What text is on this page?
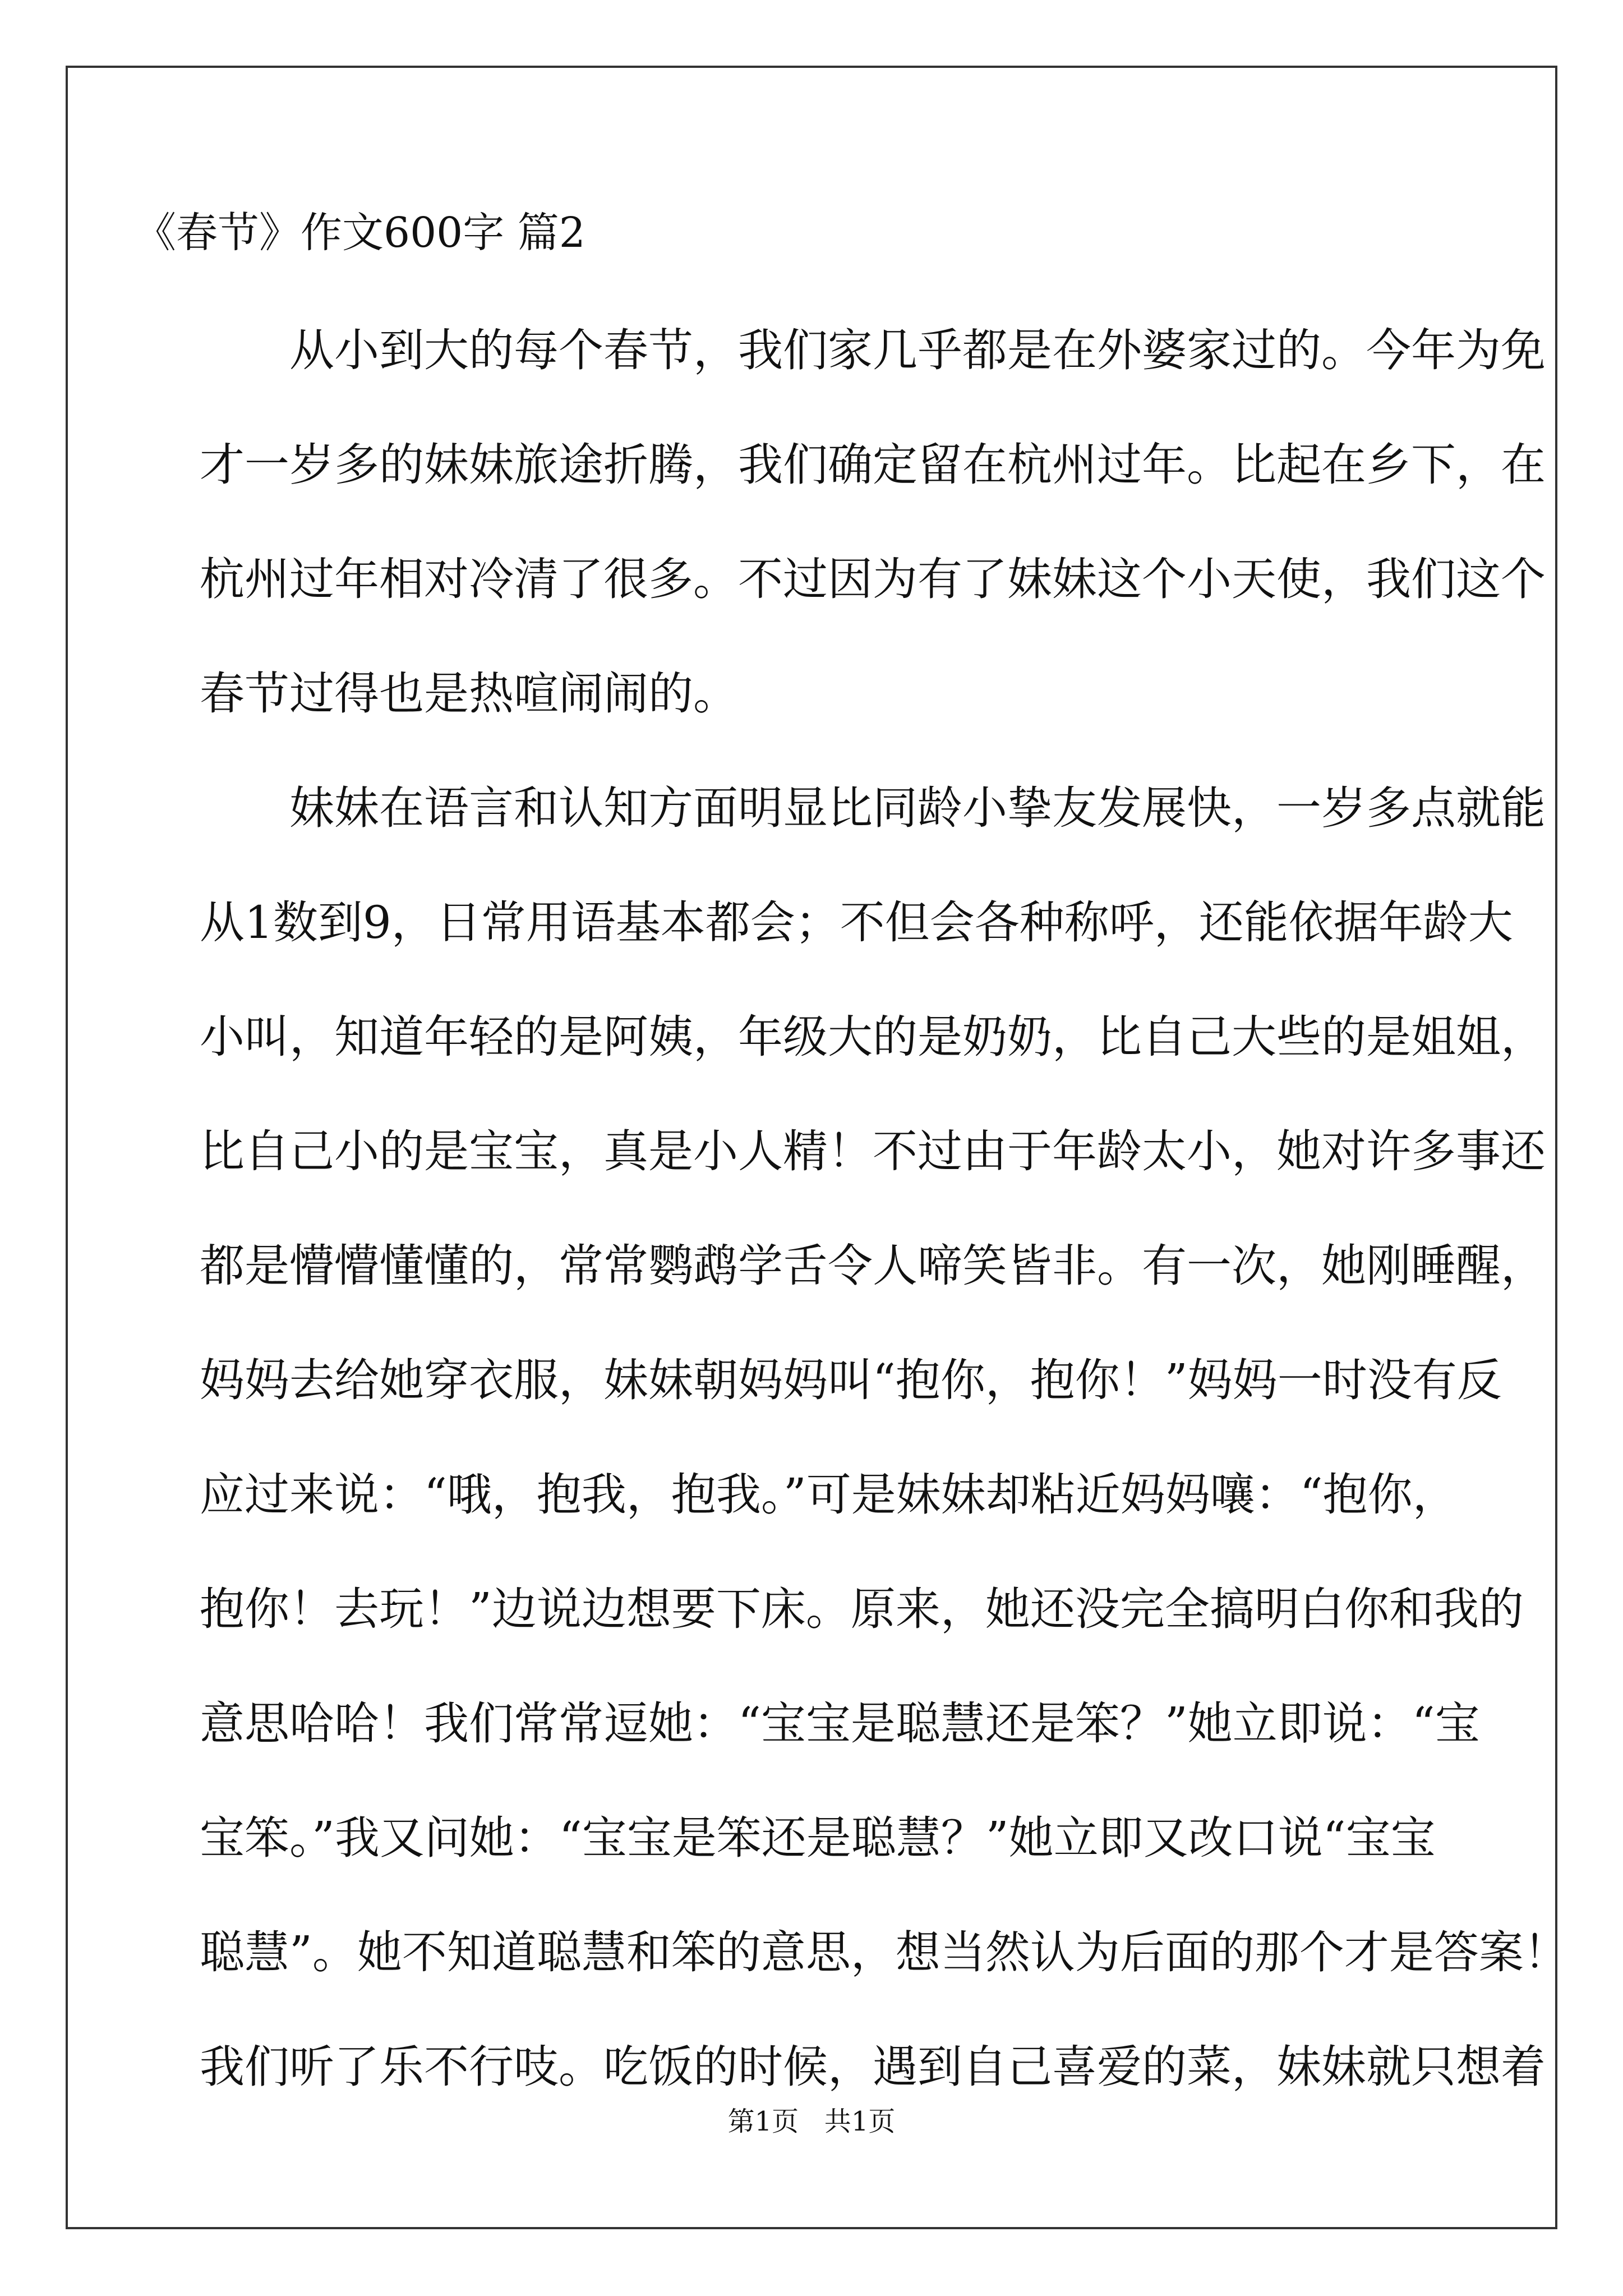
《春节》作文600字 篇2
从小到大的每个春节，我们家几乎都是在外婆家过的。今年为免
才一岁多的妹妹旅途折腾，我们确定留在杭州过年。比起在乡下，在
杭州过年相对冷清了很多。不过因为有了妹妹这个小天使，我们这个
春节过得也是热喧闹闹的。
妹妹在语言和认知方面明显比同龄小挚友发展快，一岁多点就能
从1数到9，日常用语基本都会；不但会各种称呼，还能依据年龄大
小叫，知道年轻的是阿姨，年级大的是奶奶，比自己大些的是姐姐，
比自己小的是宝宝，真是小人精！不过由于年龄太小，她对许多事还
都是懵懵懂懂的，常常鹦鹉学舌令人啼笑皆非。有一次，她刚睡醒，
妈妈去给她穿衣服，妹妹朝妈妈叫“抱你，抱你！”妈妈一时没有反
应过来说：“哦，抱我，抱我。”可是妹妹却粘近妈妈嚷：“抱你，
抱你！去玩！”边说边想要下床。原来，她还没完全搞明白你和我的
意思哈哈！我们常常逗她：“宝宝是聪慧还是笨？”她立即说：“宝
宝笨。”我又问她：“宝宝是笨还是聪慧？”她立即又改口说“宝宝
聪慧”。她不知道聪慧和笨的意思，想当然认为后面的那个才是答案！
我们听了乐不行吱。吃饭的时候，遇到自己喜爱的菜，妹妹就只想着
第1页   共1页
